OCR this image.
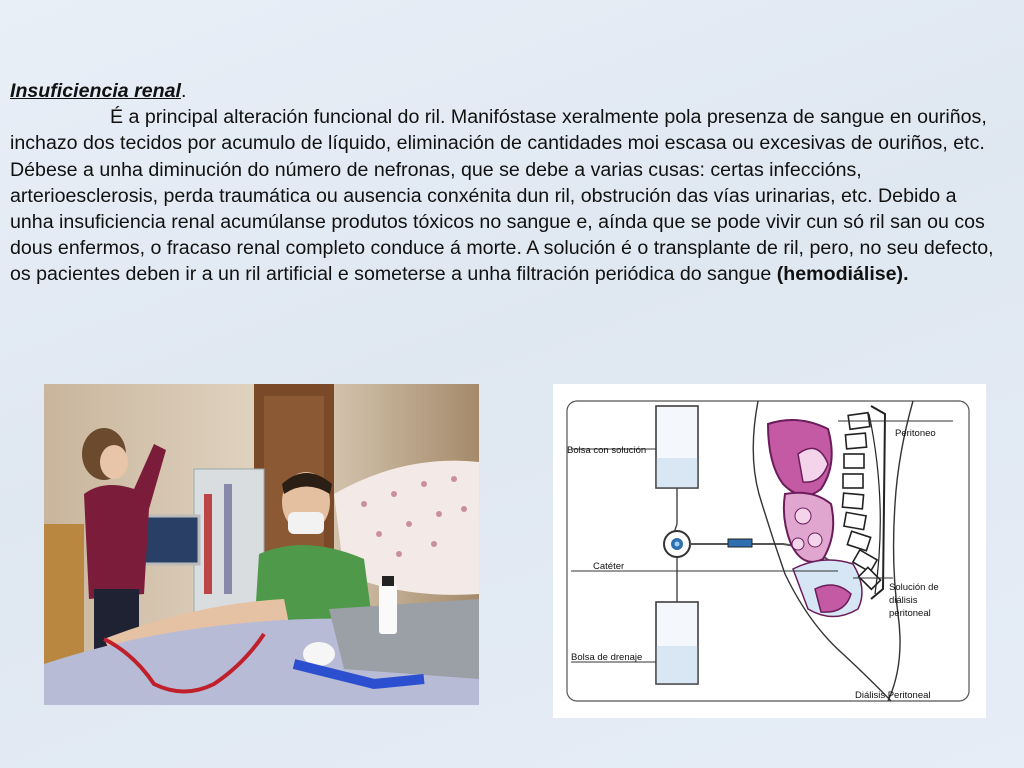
Insuficiencia renal.
É a principal alteración funcional do ril. Manifóstase xeralmente pola presenza de sangue en ouriños, inchazo dos tecidos por acumulo de líquido, eliminación de cantidades moi escasa ou excesivas de ouriños, etc. Débese a unha diminución do número de nefronas, que se debe a varias cusas: certas infeccións, arterioesclerosis, perda traumática ou ausencia conxénita dun ril, obstrución das vías urinarias, etc. Debido a unha insuficiencia renal acumúlanse produtos tóxicos no sangue e, aínda que se pode vivir cun só ril san ou cos dous enfermos, o fracaso renal completo conduce á morte. A solución é o transplante de ril, pero, no seu defecto, os pacientes deben ir a un ril artificial e someterse a unha filtración periódica do sangue (hemodiálise).
Bolsa con solución
Catéter
Bolsa de drenaje
Peritoneo
Solución de
diálisis
peritoneal
Diálisis Peritoneal
